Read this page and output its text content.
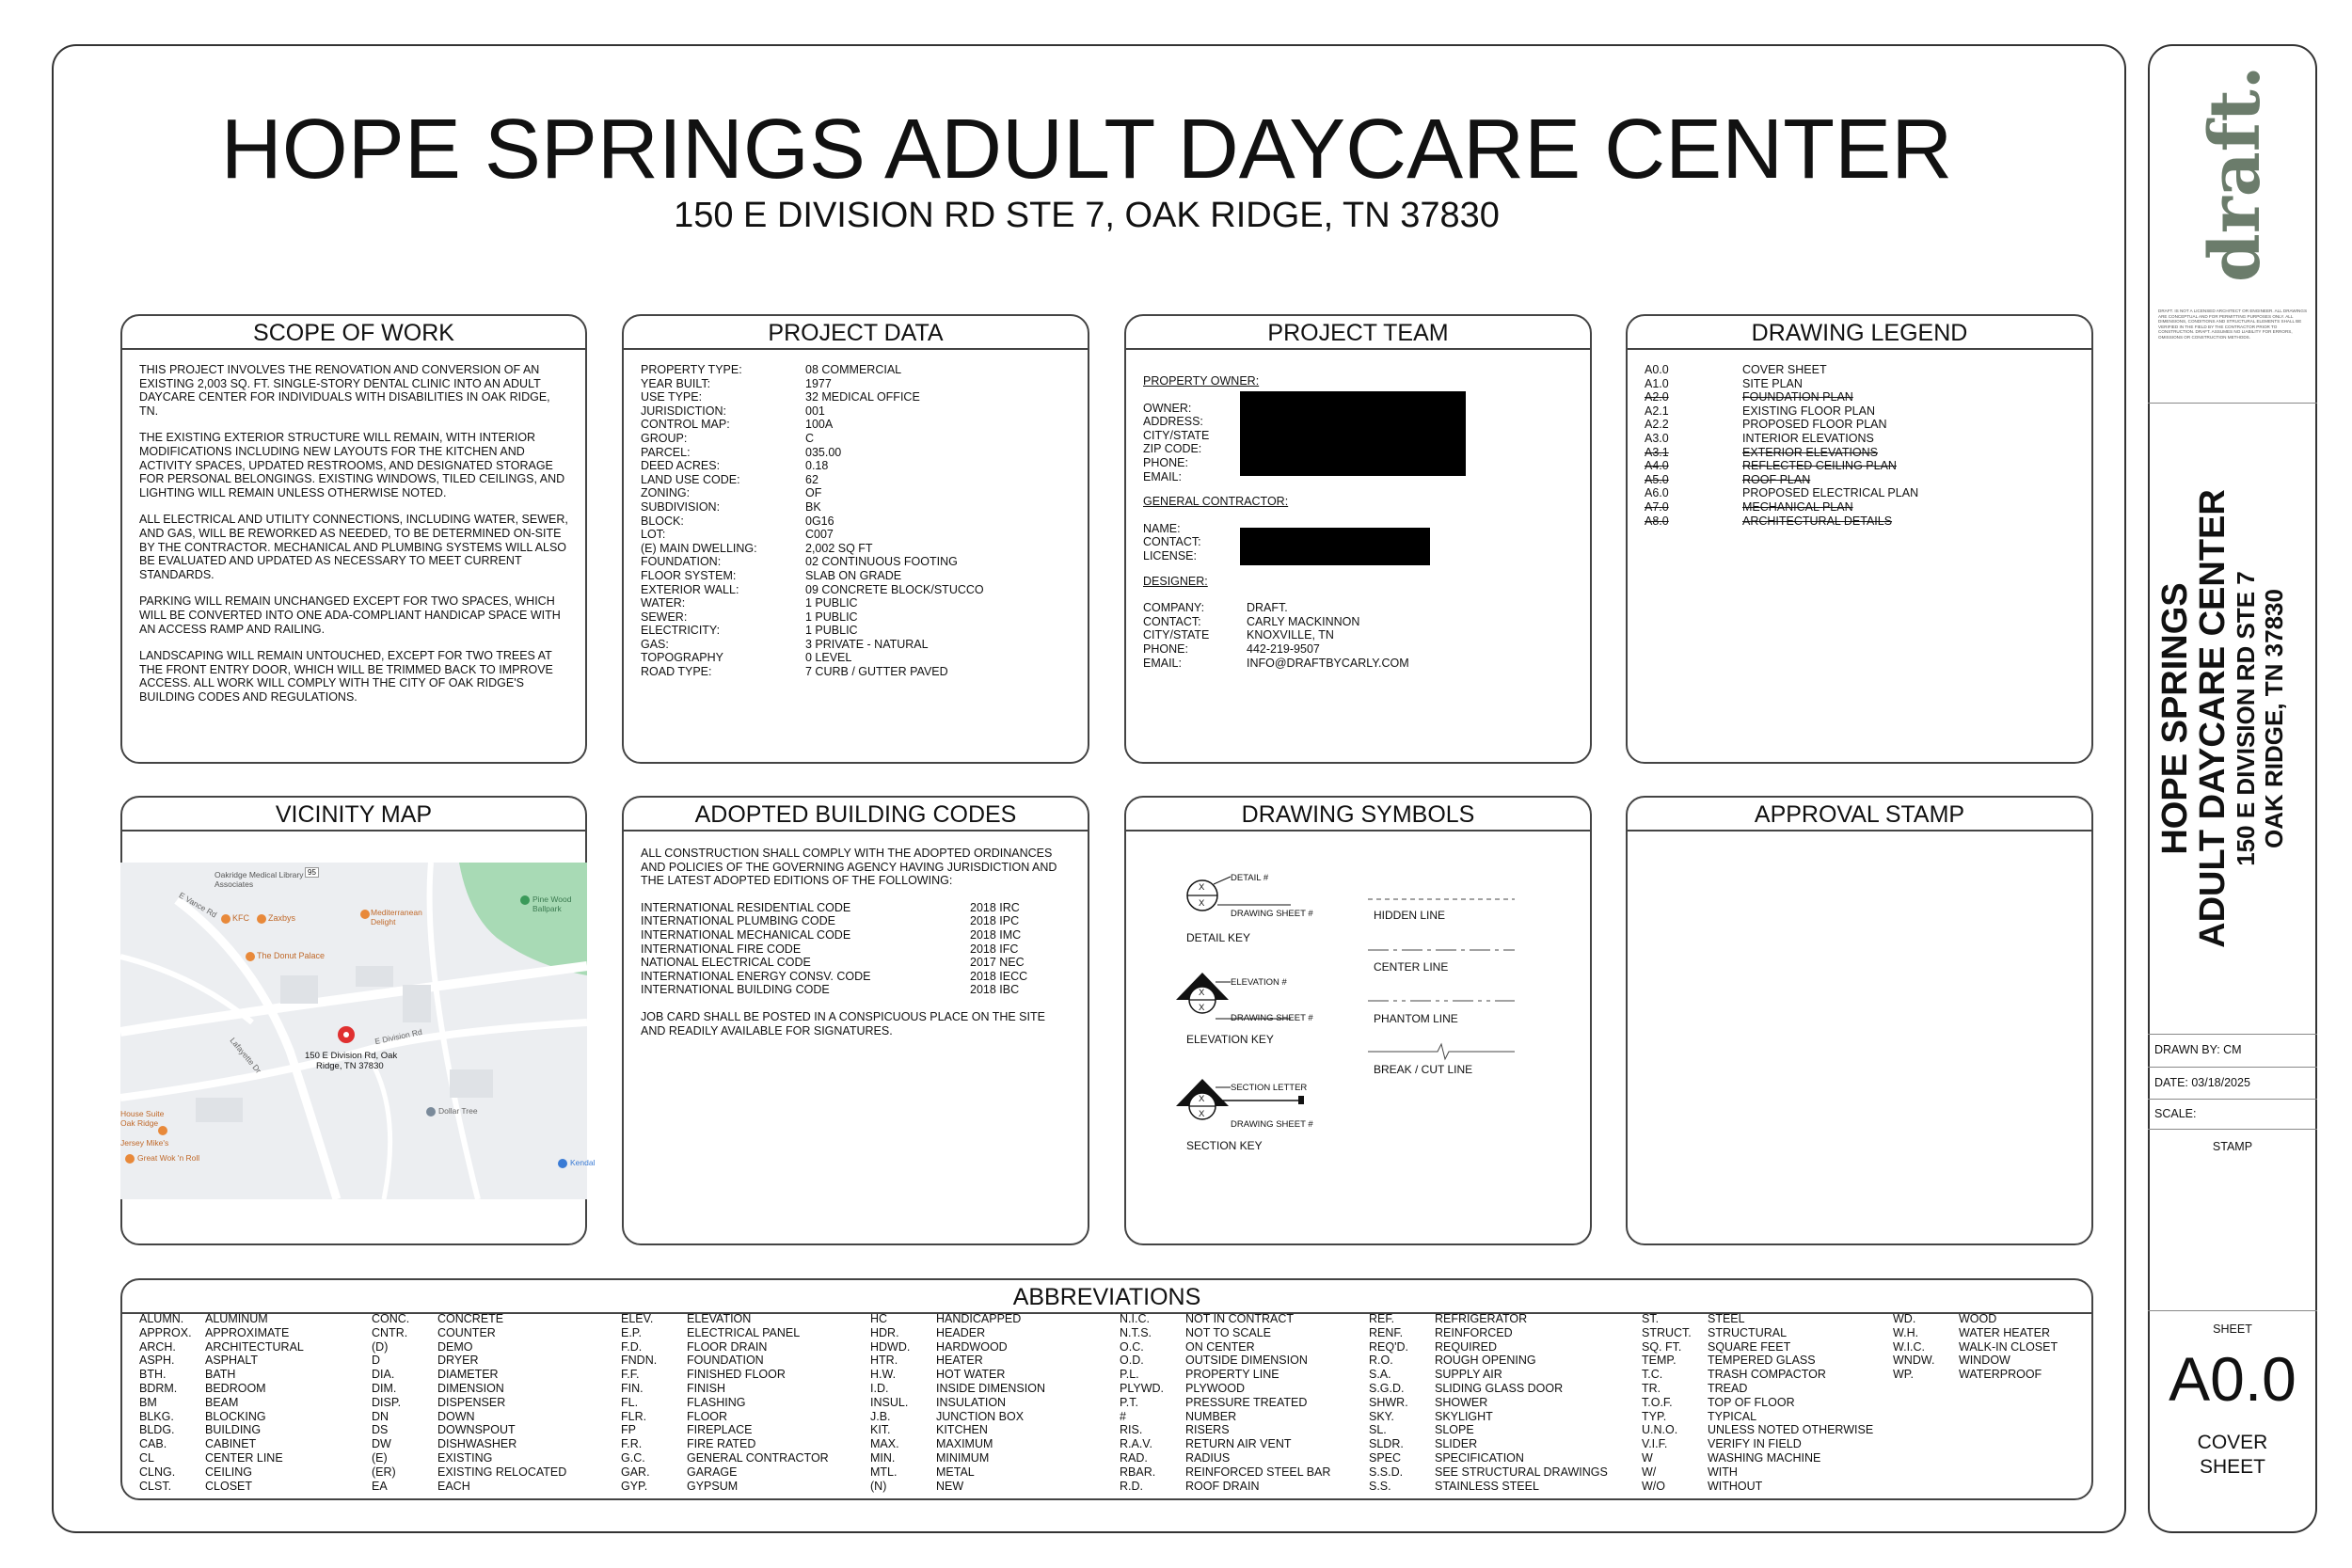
HOPE SPRINGS ADULT DAYCARE CENTER
150 E DIVISION RD STE 7, OAK RIDGE, TN 37830
SCOPE OF WORK

THIS PROJECT INVOLVES THE RENOVATION AND CONVERSION OF AN EXISTING 2,003 SQ. FT. SINGLE-STORY DENTAL CLINIC INTO AN ADULT DAYCARE CENTER FOR INDIVIDUALS WITH DISABILITIES IN OAK RIDGE, TN.

THE EXISTING EXTERIOR STRUCTURE WILL REMAIN, WITH INTERIOR MODIFICATIONS INCLUDING NEW LAYOUTS FOR THE KITCHEN AND ACTIVITY SPACES, UPDATED RESTROOMS, AND DESIGNATED STORAGE FOR PERSONAL BELONGINGS. EXISTING WINDOWS, TILED CEILINGS, AND LIGHTING WILL REMAIN UNLESS OTHERWISE NOTED.

ALL ELECTRICAL AND UTILITY CONNECTIONS, INCLUDING WATER, SEWER, AND GAS, WILL BE REWORKED AS NEEDED, TO BE DETERMINED ON-SITE BY THE CONTRACTOR. MECHANICAL AND PLUMBING SYSTEMS WILL ALSO BE EVALUATED AND UPDATED AS NECESSARY TO MEET CURRENT STANDARDS.

PARKING WILL REMAIN UNCHANGED EXCEPT FOR TWO SPACES, WHICH WILL BE CONVERTED INTO ONE ADA-COMPLIANT HANDICAP SPACE WITH AN ACCESS RAMP AND RAILING.

LANDSCAPING WILL REMAIN UNTOUCHED, EXCEPT FOR TWO TREES AT THE FRONT ENTRY DOOR, WHICH WILL BE TRIMMED BACK TO IMPROVE ACCESS. ALL WORK WILL COMPLY WITH THE CITY OF OAK RIDGE'S BUILDING CODES AND REGULATIONS.

PROJECT DATA
PROPERTY TYPE:	08 COMMERCIAL
YEAR BUILT:	1977
USE TYPE:	32 MEDICAL OFFICE
JURISDICTION:	001
CONTROL MAP:	100A
GROUP:	C
PARCEL:	035.00
DEED ACRES:	0.18
LAND USE CODE:	62
ZONING:	OF
SUBDIVISION:	BK
BLOCK:	0G16
LOT:	C007
(E) MAIN DWELLING:	2,002 SQ FT
FOUNDATION:	02 CONTINUOUS FOOTING
FLOOR SYSTEM:	SLAB ON GRADE
EXTERIOR WALL:	09 CONCRETE BLOCK/STUCCO
WATER:	1 PUBLIC
SEWER:	1 PUBLIC
ELECTRICITY:	1 PUBLIC
GAS:	3 PRIVATE - NATURAL
TOPOGRAPHY	0 LEVEL
ROAD TYPE:	7 CURB / GUTTER PAVED
PROJECT TEAM
PROPERTY OWNER:
OWNER:
ADDRESS:
CITY/STATE
ZIP CODE:
PHONE:
EMAIL:
GENERAL CONTRACTOR:
NAME:
CONTACT:
LICENSE:
DESIGNER:
COMPANY:	DRAFT.
CONTACT:	CARLY MACKINNON
CITY/STATE	KNOXVILLE, TN
PHONE:	442-219-9507
EMAIL:	INFO@DRAFTBYCARLY.COM
DRAWING LEGEND
A0.0	COVER SHEET
A1.0	SITE PLAN
A2.0	FOUNDATION PLAN
A2.1	EXISTING FLOOR PLAN
A2.2	PROPOSED FLOOR PLAN
A3.0	INTERIOR ELEVATIONS
A3.1	EXTERIOR ELEVATIONS
A4.0	REFLECTED CEILING PLAN
A5.0	ROOF PLAN
A6.0	PROPOSED ELECTRICAL PLAN
A7.0	MECHANICAL PLAN
A8.0	ARCHITECTURAL DETAILS
VICINITY MAP
150 E Division Rd, Oak
Ridge, TN 37830
Oakridge Medical Library Associates
KFC Zaxbys
Mediterranean Delight
The Donut Palace
Pine Wood Ballpark
Dollar Tree
House Suite Oak Ridge
Jersey Mike's
Great Wok 'n Roll	Kendal
E Division Rd
Lafayette Dr
E Vance Rd
95
ADOPTED BUILDING CODES

ALL CONSTRUCTION SHALL COMPLY WITH THE ADOPTED ORDINANCES AND POLICIES OF THE GOVERNING AGENCY HAVING JURISDICTION AND THE LATEST ADOPTED EDITIONS OF THE FOLLOWING:

INTERNATIONAL RESIDENTIAL CODE	2018 IRC
INTERNATIONAL PLUMBING CODE	2018 IPC
INTERNATIONAL MECHANICAL CODE	2018 IMC
INTERNATIONAL FIRE CODE	2018 IFC
NATIONAL ELECTRICAL CODE	2017 NEC
INTERNATIONAL ENERGY CONSV. CODE	2018 IECC
INTERNATIONAL BUILDING CODE	2018 IBC

JOB CARD SHALL BE POSTED IN A CONSPICUOUS PLACE ON THE SITE AND READILY AVAILABLE FOR SIGNATURES.

DRAWING SYMBOLS
DETAIL #
DRAWING SHEET #
X
X
DETAIL KEY
ELEVATION #
DRAWING SHEET #
X
X
ELEVATION KEY
SECTION LETTER
DRAWING SHEET #
X
X
SECTION KEY
HIDDEN LINE
CENTER LINE
PHANTOM LINE
BREAK / CUT LINE
APPROVAL STAMP
ABBREVIATIONS
ALUMN.	ALUMINUM
APPROX.	APPROXIMATE
ARCH.	ARCHITECTURAL
ASPH.	ASPHALT
BTH.	BATH
BDRM.	BEDROOM
BM	BEAM
BLKG.	BLOCKING
BLDG.	BUILDING
CAB.	CABINET
CL	CENTER LINE
CLNG.	CEILING
CLST.	CLOSET
CONC.	CONCRETE
CNTR.	COUNTER
(D)	DEMO
D	DRYER
DIA.	DIAMETER
DIM.	DIMENSION
DISP.	DISPENSER
DN	DOWN
DS	DOWNSPOUT
DW	DISHWASHER
(E)	EXISTING
(ER)	EXISTING RELOCATED
EA	EACH
ELEV.	ELEVATION
E.P.	ELECTRICAL PANEL
F.D.	FLOOR DRAIN
FNDN.	FOUNDATION
F.F.	FINISHED FLOOR
FIN.	FINISH
FL.	FLASHING
FLR.	FLOOR
FP	FIREPLACE
F.R.	FIRE RATED
G.C.	GENERAL CONTRACTOR
GAR.	GARAGE
GYP.	GYPSUM
HC	HANDICAPPED
HDR.	HEADER
HDWD.	HARDWOOD
HTR.	HEATER
H.W.	HOT WATER
I.D.	INSIDE DIMENSION
INSUL.	INSULATION
J.B.	JUNCTION BOX
KIT.	KITCHEN
MAX.	MAXIMUM
MIN.	MINIMUM
MTL.	METAL
(N)	NEW
N.I.C.	NOT IN CONTRACT
N.T.S.	NOT TO SCALE
O.C.	ON CENTER
O.D.	OUTSIDE DIMENSION
P.L.	PROPERTY LINE
PLYWD.	PLYWOOD
P.T.	PRESSURE TREATED
#	NUMBER
RIS.	RISERS
R.A.V.	RETURN AIR VENT
RAD.	RADIUS
RBAR.	REINFORCED STEEL BAR
R.D.	ROOF DRAIN
REF.	REFRIGERATOR
RENF.	REINFORCED
REQ'D.	REQUIRED
R.O.	ROUGH OPENING
S.A.	SUPPLY AIR
S.G.D.	SLIDING GLASS DOOR
SHWR.	SHOWER
SKY.	SKYLIGHT
SL.	SLOPE
SLDR.	SLIDER
SPEC	SPECIFICATION
S.S.D.	SEE STRUCTURAL DRAWINGS
S.S.	STAINLESS STEEL
ST.	STEEL
STRUCT.	STRUCTURAL
SQ. FT.	SQUARE FEET
TEMP.	TEMPERED GLASS
T.C.	TRASH COMPACTOR
TR.	TREAD
T.O.F.	TOP OF FLOOR
TYP.	TYPICAL
U.N.O.	UNLESS NOTED OTHERWISE
V.I.F.	VERIFY IN FIELD
W	WASHING MACHINE
W/	WITH
W/O	WITHOUT
WD.	WOOD
W.H.	WATER HEATER
W.I.C.	WALK-IN CLOSET
WNDW.	WINDOW
WP.	WATERPROOF
draft.
DRAFT. IS NOT A LICENSED ARCHITECT OR ENGINEER. ALL DRAWINGS ARE CONCEPTUAL AND FOR PERMITTING PURPOSES ONLY. ALL DIMENSIONS, CONDITIONS AND STRUCTURAL ELEMENTS SHALL BE VERIFIED IN THE FIELD BY THE CONTRACTOR PRIOR TO CONSTRUCTION. DRAFT. ASSUMES NO LIABILITY FOR ERRORS, OMISSIONS OR CONSTRUCTION METHODS.
HOPE SPRINGS
ADULT DAYCARE CENTER 150 E DIVISION RD STE 7 OAK RIDGE, TN 37830
DRAWN BY: CM
DATE: 03/18/2025
SCALE:
STAMP
SHEET
A0.0
COVER
SHEET
